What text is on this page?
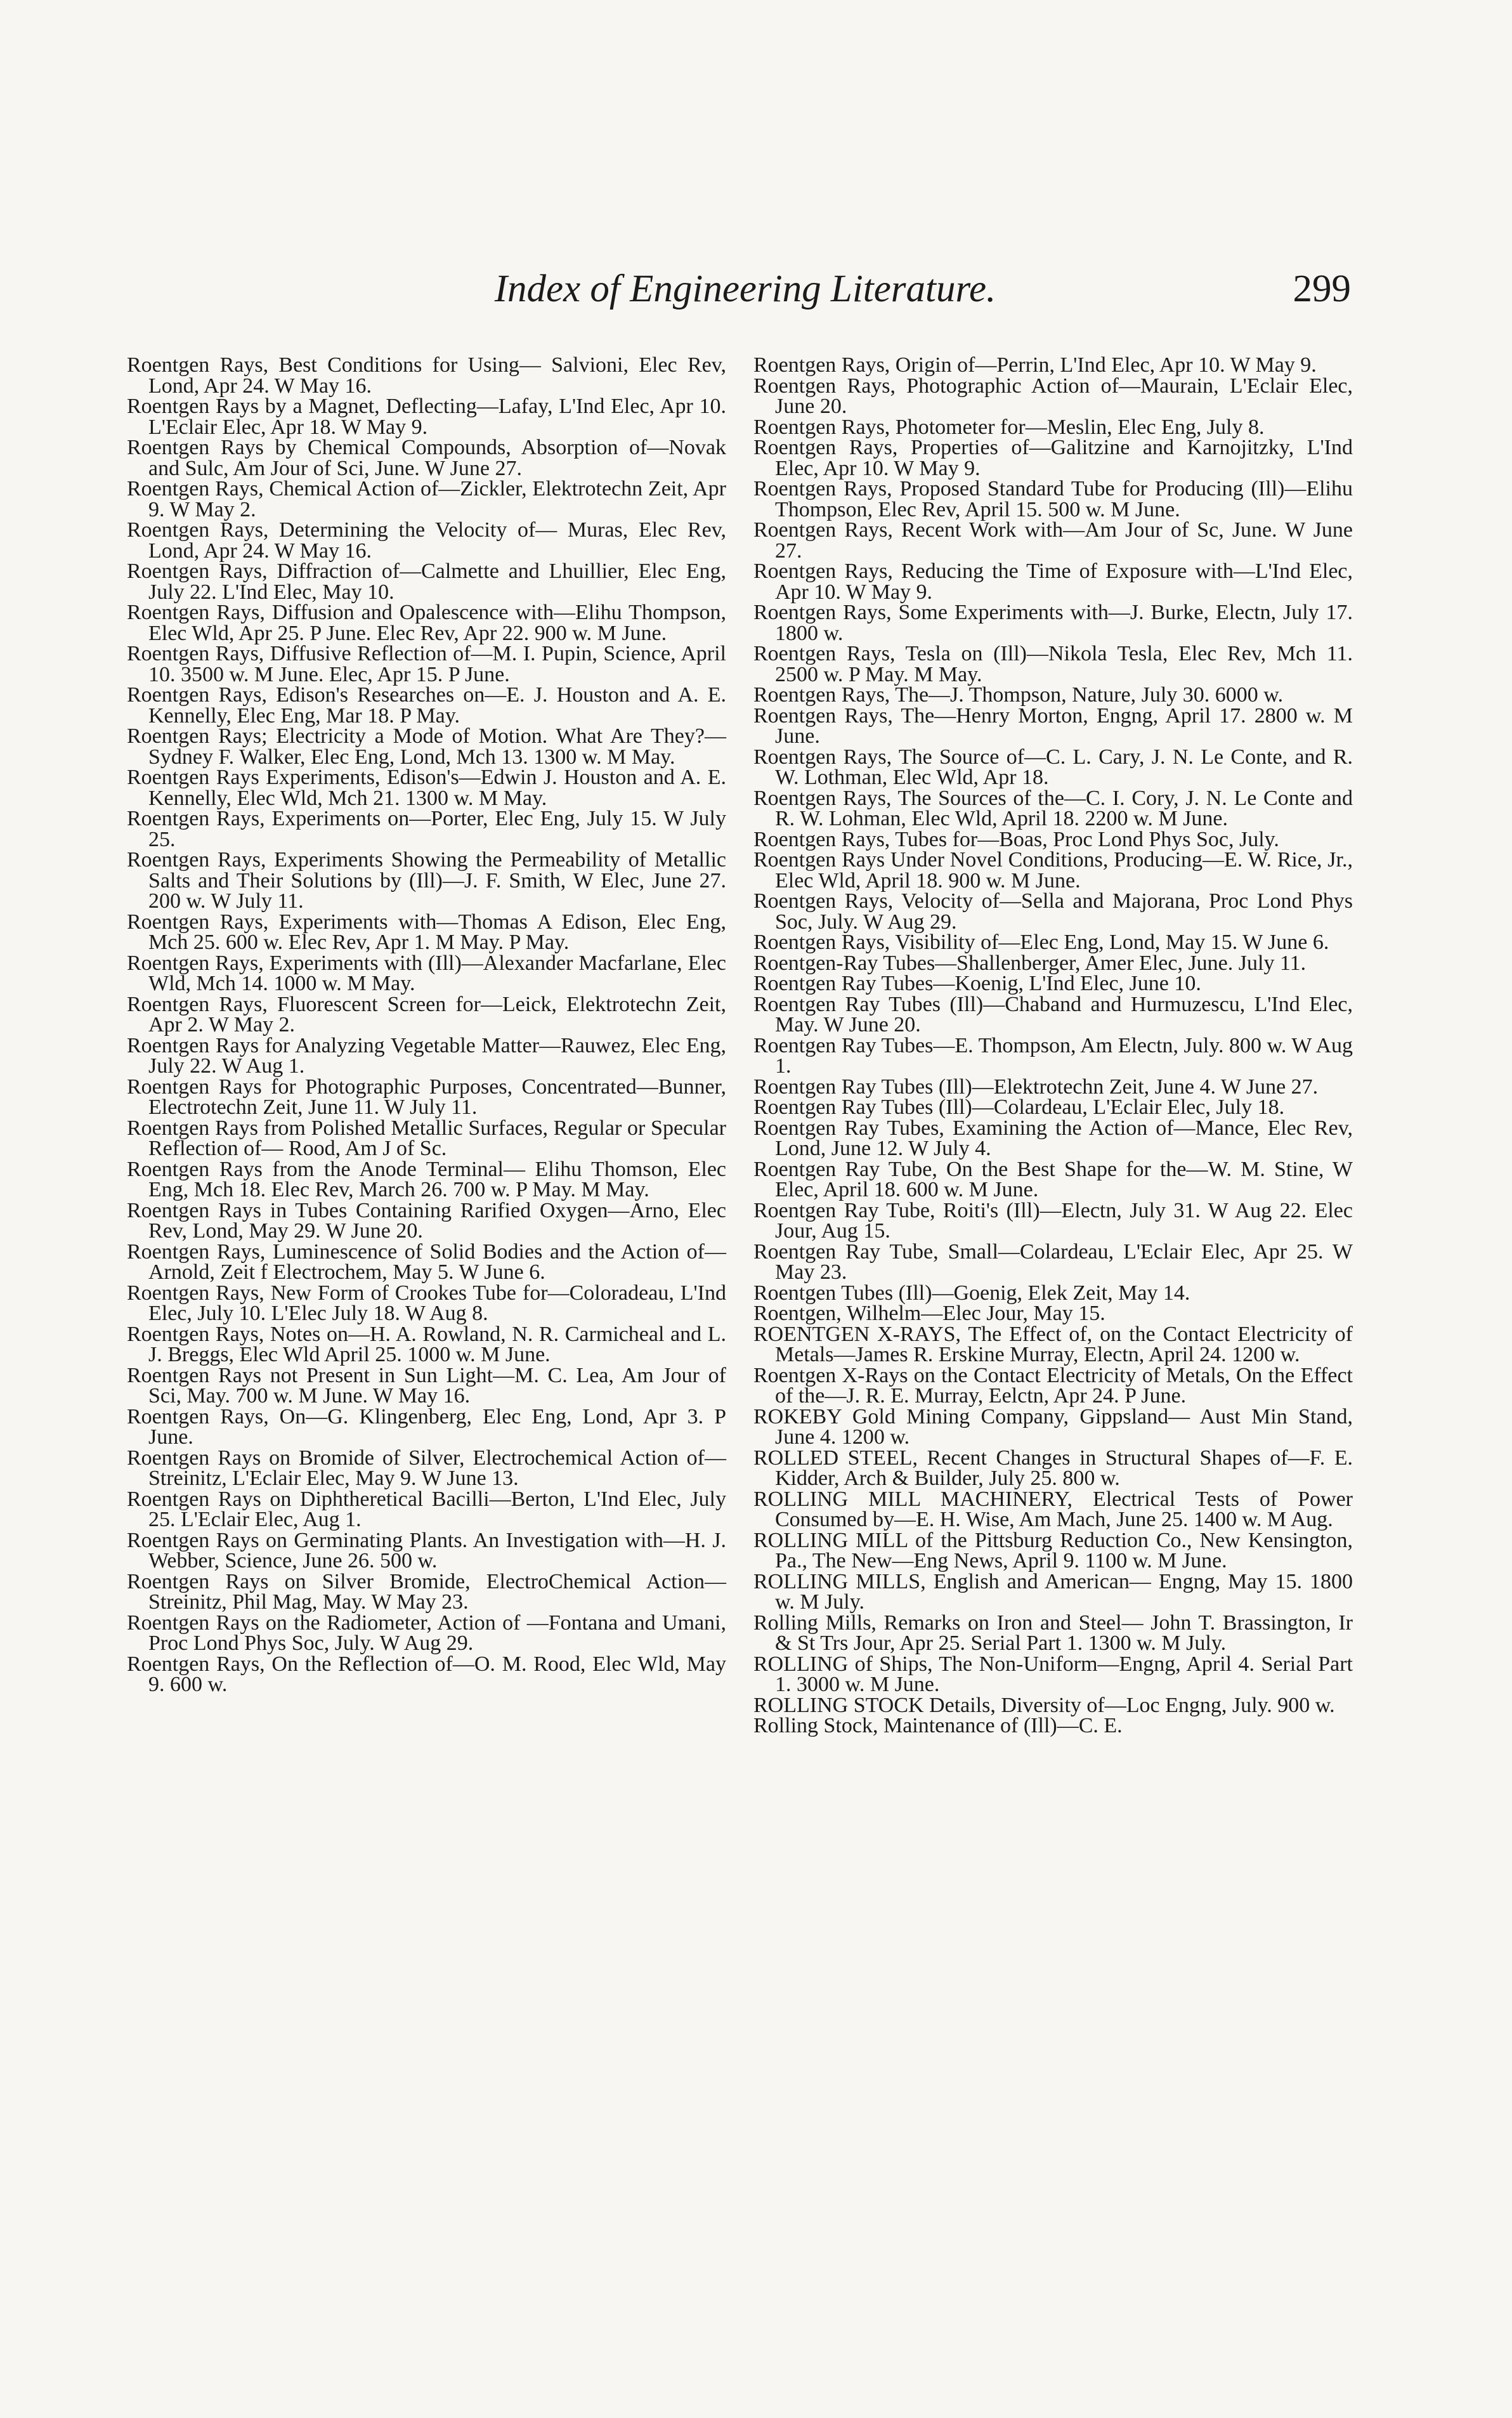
Index of Engineering Literature.	299

Roentgen Rays, Best Conditions for Using— Salvioni, Elec Rev, Lond, Apr 24. W May 16.

Roentgen Rays by a Magnet, Deflecting—Lafay, L'Ind Elec, Apr 10. L'Eclair Elec, Apr 18. W May 9.

Roentgen Rays by Chemical Compounds, Absorption of—Novak and Sulc, Am Jour of Sci, June. W June 27.

Roentgen Rays, Chemical Action of—Zickler, Elektrotechn Zeit, Apr 9. W May 2.

Roentgen Rays, Determining the Velocity of— Muras, Elec Rev, Lond, Apr 24. W May 16.

Roentgen Rays, Diffraction of—Calmette and Lhuillier, Elec Eng, July 22. L'Ind Elec, May 10.

Roentgen Rays, Diffusion and Opalescence with—Elihu Thompson, Elec Wld, Apr 25. P June. Elec Rev, Apr 22. 900 w. M June.

Roentgen Rays, Diffusive Reflection of—M. I. Pupin, Science, April 10. 3500 w. M June. Elec, Apr 15. P June.

Roentgen Rays, Edison's Researches on—E. J. Houston and A. E. Kennelly, Elec Eng, Mar 18. P May.

Roentgen Rays; Electricity a Mode of Motion. What Are They?—Sydney F. Walker, Elec Eng, Lond, Mch 13. 1300 w. M May.

Roentgen Rays Experiments, Edison's—Edwin J. Houston and A. E. Kennelly, Elec Wld, Mch 21. 1300 w. M May.

Roentgen Rays, Experiments on—Porter, Elec Eng, July 15. W July 25.

Roentgen Rays, Experiments Showing the Permeability of Metallic Salts and Their Solutions by (Ill)—J. F. Smith, W Elec, June 27. 200 w. W July 11.

Roentgen Rays, Experiments with—Thomas A Edison, Elec Eng, Mch 25. 600 w. Elec Rev, Apr 1. M May. P May.

Roentgen Rays, Experiments with (Ill)—Alexander Macfarlane, Elec Wld, Mch 14. 1000 w. M May.

Roentgen Rays, Fluorescent Screen for—Leick, Elektrotechn Zeit, Apr 2. W May 2.

Roentgen Rays for Analyzing Vegetable Matter—Rauwez, Elec Eng, July 22. W Aug 1.

Roentgen Rays for Photographic Purposes, Concentrated—Bunner, Electrotechn Zeit, June 11. W July 11.

Roentgen Rays from Polished Metallic Surfaces, Regular or Specular Reflection of— Rood, Am J of Sc.

Roentgen Rays from the Anode Terminal— Elihu Thomson, Elec Eng, Mch 18. Elec Rev, March 26. 700 w. P May. M May.

Roentgen Rays in Tubes Containing Rarified Oxygen—Arno, Elec Rev, Lond, May 29. W June 20.

Roentgen Rays, Luminescence of Solid Bodies and the Action of—Arnold, Zeit f Electrochem, May 5. W June 6.

Roentgen Rays, New Form of Crookes Tube for—Coloradeau, L'Ind Elec, July 10. L'Elec July 18. W Aug 8.

Roentgen Rays, Notes on—H. A. Rowland, N. R. Carmicheal and L. J. Breggs, Elec Wld April 25. 1000 w. M June.

Roentgen Rays not Present in Sun Light—M. C. Lea, Am Jour of Sci, May. 700 w. M June. W May 16.

Roentgen Rays, On—G. Klingenberg, Elec Eng, Lond, Apr 3. P June.

Roentgen Rays on Bromide of Silver, Electrochemical Action of—Streinitz, L'Eclair Elec, May 9. W June 13.

Roentgen Rays on Diphtheretical Bacilli—Berton, L'Ind Elec, July 25. L'Eclair Elec, Aug 1.

Roentgen Rays on Germinating Plants. An Investigation with—H. J. Webber, Science, June 26. 500 w.

Roentgen Rays on Silver Bromide, ElectroChemical Action—Streinitz, Phil Mag, May. W May 23.

Roentgen Rays on the Radiometer, Action of —Fontana and Umani, Proc Lond Phys Soc, July. W Aug 29.

Roentgen Rays, On the Reflection of—O. M. Rood, Elec Wld, May 9. 600 w.

Roentgen Rays, Origin of—Perrin, L'Ind Elec, Apr 10. W May 9.

Roentgen Rays, Photographic Action of—Maurain, L'Eclair Elec, June 20.

Roentgen Rays, Photometer for—Meslin, Elec Eng, July 8.

Roentgen Rays, Properties of—Galitzine and Karnojitzky, L'Ind Elec, Apr 10. W May 9.

Roentgen Rays, Proposed Standard Tube for Producing (Ill)—Elihu Thompson, Elec Rev, April 15. 500 w. M June.

Roentgen Rays, Recent Work with—Am Jour of Sc, June. W June 27.

Roentgen Rays, Reducing the Time of Exposure with—L'Ind Elec, Apr 10. W May 9.

Roentgen Rays, Some Experiments with—J. Burke, Electn, July 17. 1800 w.

Roentgen Rays, Tesla on (Ill)—Nikola Tesla, Elec Rev, Mch 11. 2500 w. P May. M May.

Roentgen Rays, The—J. Thompson, Nature, July 30. 6000 w.

Roentgen Rays, The—Henry Morton, Engng, April 17. 2800 w. M June.

Roentgen Rays, The Source of—C. L. Cary, J. N. Le Conte, and R. W. Lothman, Elec Wld, Apr 18.

Roentgen Rays, The Sources of the—C. I. Cory, J. N. Le Conte and R. W. Lohman, Elec Wld, April 18. 2200 w. M June.

Roentgen Rays, Tubes for—Boas, Proc Lond Phys Soc, July.

Roentgen Rays Under Novel Conditions, Producing—E. W. Rice, Jr., Elec Wld, April 18. 900 w. M June.

Roentgen Rays, Velocity of—Sella and Majorana, Proc Lond Phys Soc, July. W Aug 29.

Roentgen Rays, Visibility of—Elec Eng, Lond, May 15. W June 6.

Roentgen-Ray Tubes—Shallenberger, Amer Elec, June. July 11.

Roentgen Ray Tubes—Koenig, L'Ind Elec, June 10.

Roentgen Ray Tubes (Ill)—Chaband and Hurmuzescu, L'Ind Elec, May. W June 20.

Roentgen Ray Tubes—E. Thompson, Am Electn, July. 800 w. W Aug 1.

Roentgen Ray Tubes (Ill)—Elektrotechn Zeit, June 4. W June 27.

Roentgen Ray Tubes (Ill)—Colardeau, L'Eclair Elec, July 18.

Roentgen Ray Tubes, Examining the Action of—Mance, Elec Rev, Lond, June 12. W July 4.

Roentgen Ray Tube, On the Best Shape for the—W. M. Stine, W Elec, April 18. 600 w. M June.

Roentgen Ray Tube, Roiti's (Ill)—Electn, July 31. W Aug 22. Elec Jour, Aug 15.

Roentgen Ray Tube, Small—Colardeau, L'Eclair Elec, Apr 25. W May 23.

Roentgen Tubes (Ill)—Goenig, Elek Zeit, May 14.

Roentgen, Wilhelm—Elec Jour, May 15.

ROENTGEN X-RAYS, The Effect of, on the Contact Electricity of Metals—James R. Erskine Murray, Electn, April 24. 1200 w.

Roentgen X-Rays on the Contact Electricity of Metals, On the Effect of the—J. R. E. Murray, Eelctn, Apr 24. P June.

ROKEBY Gold Mining Company, Gippsland— Aust Min Stand, June 4. 1200 w.

ROLLED STEEL, Recent Changes in Structural Shapes of—F. E. Kidder, Arch & Builder, July 25. 800 w.

ROLLING MILL MACHINERY, Electrical Tests of Power Consumed by—E. H. Wise, Am Mach, June 25. 1400 w. M Aug.

ROLLING MILL of the Pittsburg Reduction Co., New Kensington, Pa., The New—Eng News, April 9. 1100 w. M June.

ROLLING MILLS, English and American— Engng, May 15. 1800 w. M July.

Rolling Mills, Remarks on Iron and Steel— John T. Brassington, Ir & St Trs Jour, Apr 25. Serial Part 1. 1300 w. M July.

ROLLING of Ships, The Non-Uniform—Engng, April 4. Serial Part 1. 3000 w. M June.

ROLLING STOCK Details, Diversity of—Loc Engng, July. 900 w.

Rolling Stock, Maintenance of (Ill)—C. E.
